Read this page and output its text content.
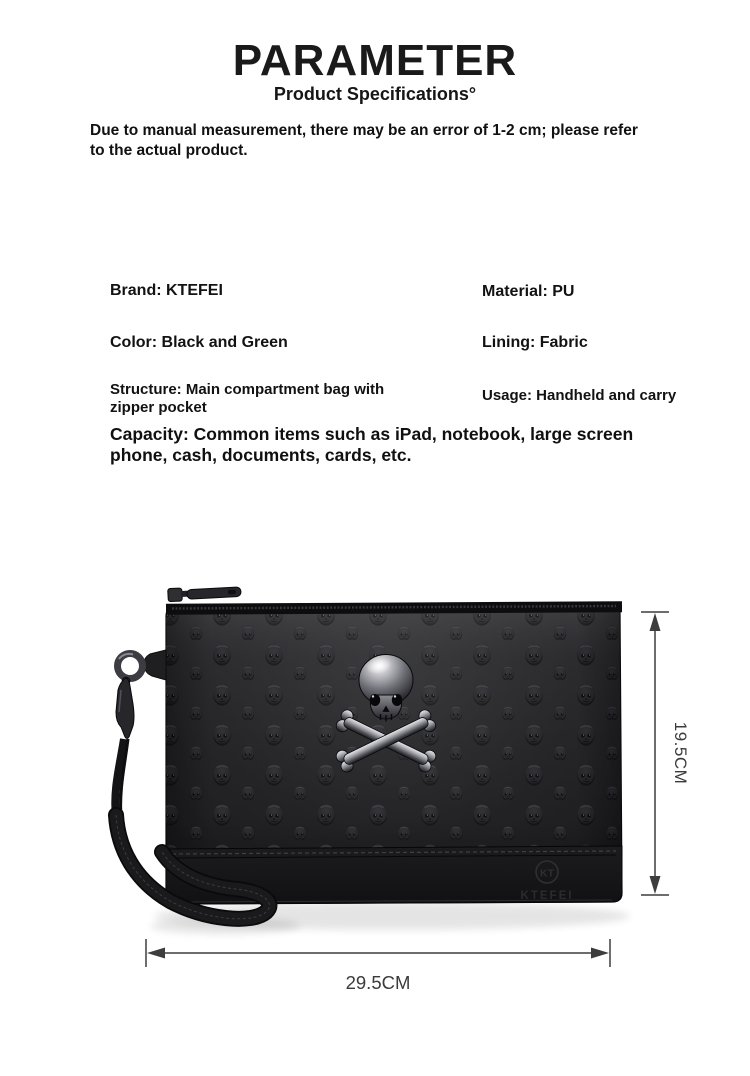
PARAMETER
Product Specifications°
Due to manual measurement, there may be an error of 1-2 cm; please refer
to the actual product.
Brand: KTEFEI	Material: PU
Color: Black and Green	Lining: Fabric
Structure: Main compartment bag with
zipper pocket
Usage: Handheld and carry
Capacity: Common items such as iPad, notebook, large screen
phone, cash, documents, cards, etc.
KT
KTEFEI
19.5CM
29.5CM
